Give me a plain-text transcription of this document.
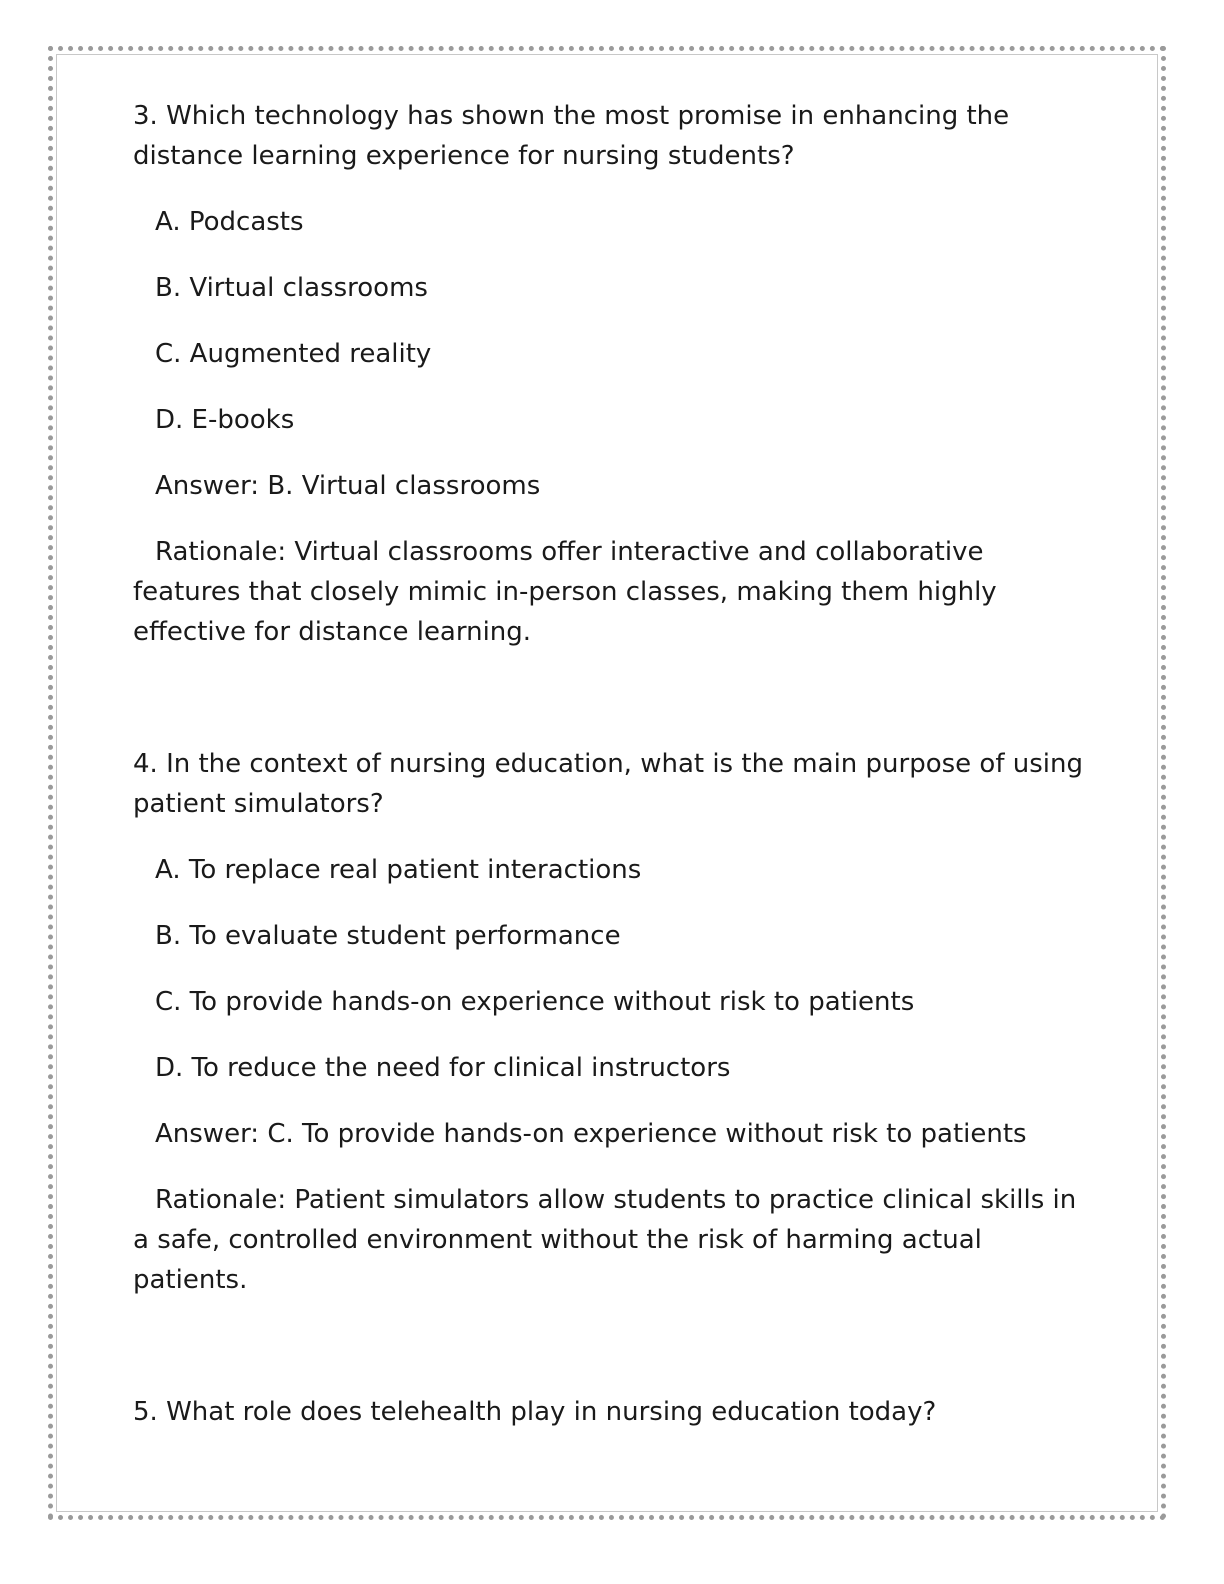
3. Which technology has shown the most promise in enhancing the distance learning experience for nursing students?

A. Podcasts

B. Virtual classrooms

C. Augmented reality

D. E-books

Answer: B. Virtual classrooms

Rationale: Virtual classrooms offer interactive and collaborative features that closely mimic in-person classes, making them highly effective for distance learning.

4. In the context of nursing education, what is the main purpose of using patient simulators?

A. To replace real patient interactions

B. To evaluate student performance

C. To provide hands-on experience without risk to patients

D. To reduce the need for clinical instructors

Answer: C. To provide hands-on experience without risk to patients

Rationale: Patient simulators allow students to practice clinical skills in a safe, controlled environment without the risk of harming actual patients.

5. What role does telehealth play in nursing education today?
